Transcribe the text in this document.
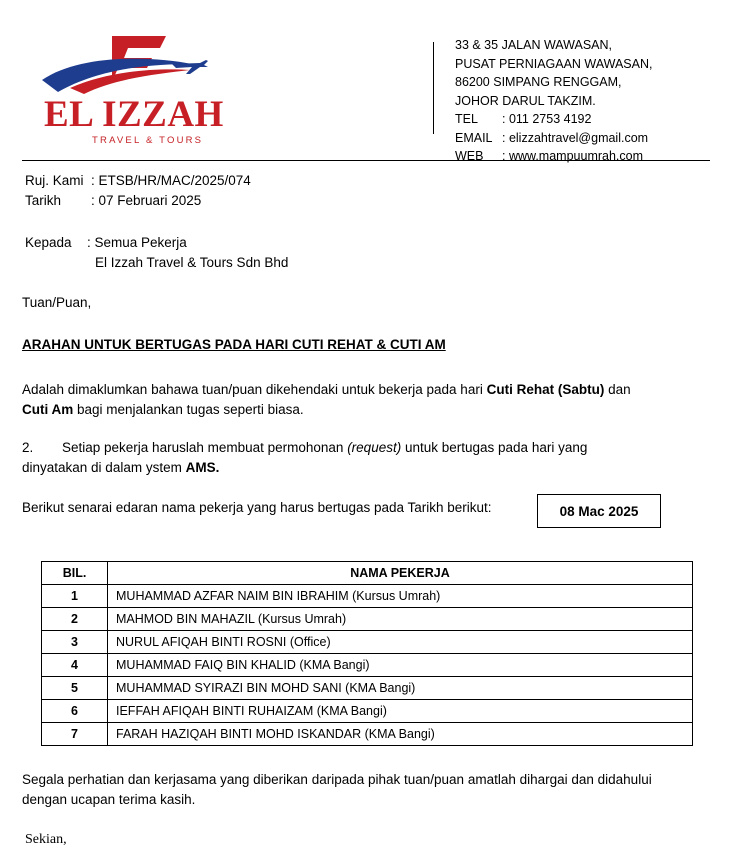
EL IZZAH
TRAVEL & TOURS
33 & 35 JALAN WAWASAN,
PUSAT PERNIAGAAN WAWASAN,
86200 SIMPANG RENGGAM,
JOHOR DARUL TAKZIM.
TEL : 011 2753 4192
EMAIL : elizzahtravel@gmail.com
WEB : www.mampuumrah.com
Ruj. Kami : ETSB/HR/MAC/2025/074
Tarikh : 07 Februari 2025
Kepada : Semua Pekerja
El Izzah Travel & Tours Sdn Bhd
Tuan/Puan,
ARAHAN UNTUK BERTUGAS PADA HARI CUTI REHAT & CUTI AM
Adalah dimaklumkan bahawa tuan/puan dikehendaki untuk bekerja pada hari Cuti Rehat (Sabtu) dan
Cuti Am bagi menjalankan tugas seperti biasa.
2. Setiap pekerja haruslah membuat permohonan (request) untuk bertugas pada hari yang
dinyatakan di dalam ystem AMS.
Berikut senarai edaran nama pekerja yang harus bertugas pada Tarikh berikut:	08 Mac 2025
BIL.	NAMA PEKERJA
1	MUHAMMAD AZFAR NAIM BIN IBRAHIM (Kursus Umrah)
2	MAHMOD BIN MAHAZIL (Kursus Umrah)
3	NURUL AFIQAH BINTI ROSNI (Office)
4	MUHAMMAD FAIQ BIN KHALID (KMA Bangi)
5	MUHAMMAD SYIRAZI BIN MOHD SANI (KMA Bangi)
6	IEFFAH AFIQAH BINTI RUHAIZAM (KMA Bangi)
7	FARAH HAZIQAH BINTI MOHD ISKANDAR (KMA Bangi)
Segala perhatian dan kerjasama yang diberikan daripada pihak tuan/puan amatlah dihargai dan didahului
dengan ucapan terima kasih.
Sekian,
